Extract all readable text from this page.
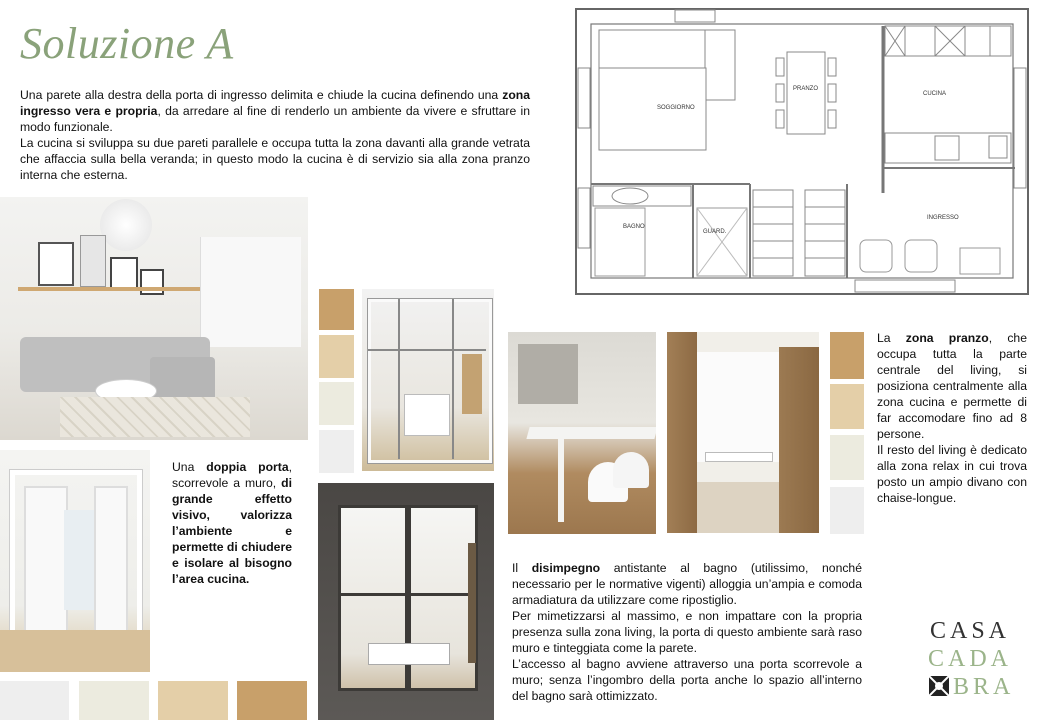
Soluzione A

Una parete alla destra della porta di ingresso delimita e chiude la cucina definendo una zona ingresso vera e propria, da arredare al fine di renderlo un ambiente da vivere e sfruttare in modo funzionale.

La cucina si sviluppa su due pareti parallele e occupa tutta la zona davanti alla grande vetrata che affaccia sulla bella veranda; in questo modo la cucina è di servizio sia alla zona pranzo interna che esterna.

SOGGIORNO
PRANZO
CUCINA
BAGNO
GUARD.
INGRESSO

Una doppia porta, scorrevole a muro, di grande effetto visivo, valorizza l’ambiente e permette di chiudere e isolare al bisogno l’area cucina.

La zona pranzo, che occupa tutta la parte centrale del living, si posiziona centralmente alla zona cucina e permette di far accomodare fino ad 8 persone.

Il resto del living è dedicato alla zona relax in cui trova posto un ampio divano con chaise-longue.

Il disimpegno antistante al bagno (utilissimo, nonché necessario per le normative vigenti) alloggia un’ampia e comoda armadiatura da utilizzare come ripostiglio.

Per mimetizzarsi al massimo, e non impattare con la propria presenza sulla zona living, la porta di questo ambiente sarà raso muro e tinteggiata come la parete.

L’accesso al bagno avviene attraverso una porta scorrevole a muro; senza l’ingombro della porta anche lo spazio all’interno del bagno sarà ottimizzato.

CASA
CADA
BRA
